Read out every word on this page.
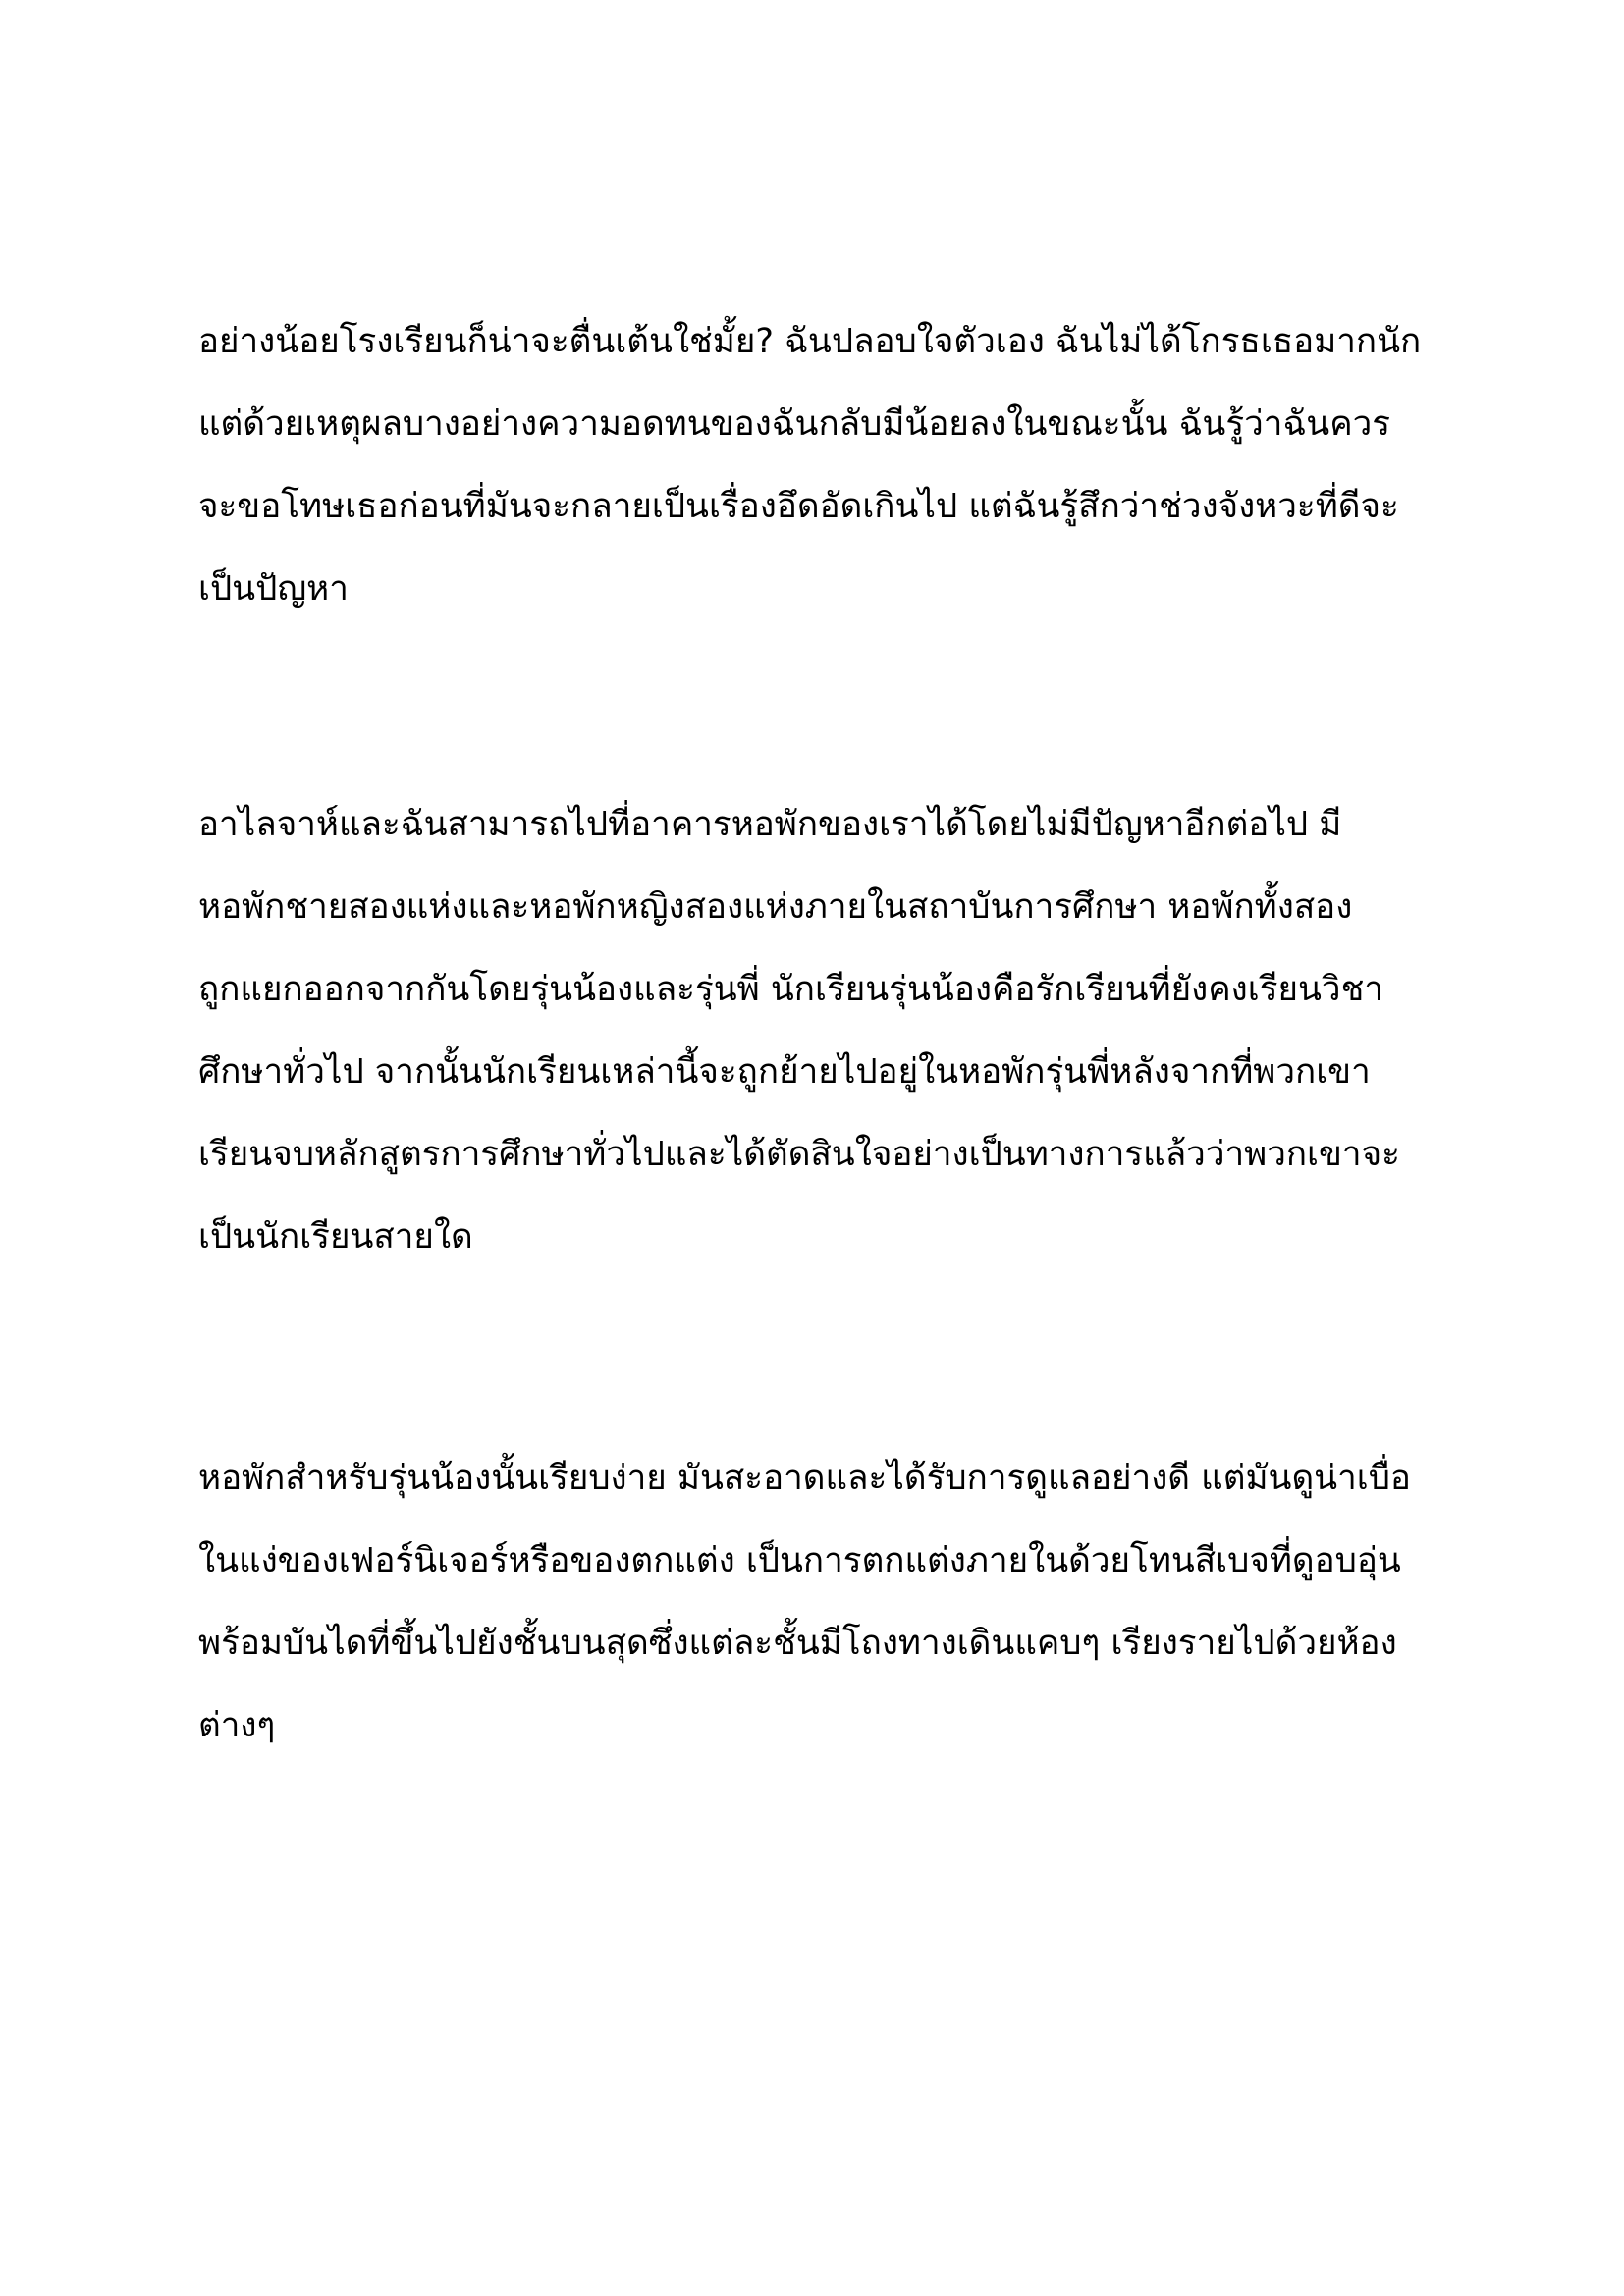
อย่างน้อยโรงเรียนก็น่าจะตื่นเต้นใช่มั้ย? ฉันปลอบใจตัวเอง ฉันไม่ได้โกรธเธอมากนัก
แต่ด้วยเหตุผลบางอย่างความอดทนของฉันกลับมีน้อยลงในขณะนั้น ฉันรู้ว่าฉันควร
จะขอโทษเธอก่อนที่มันจะกลายเป็นเรื่องอึดอัดเกินไป แต่ฉันรู้สึกว่าช่วงจังหวะที่ดีจะ
เป็นปัญหา

อาไลจาห์และฉันสามารถไปที่อาคารหอพักของเราได้โดยไม่มีปัญหาอีกต่อไป มี
หอพักชายสองแห่งและหอพักหญิงสองแห่งภายในสถาบันการศึกษา หอพักทั้งสอง
ถูกแยกออกจากกันโดยรุ่นน้องและรุ่นพี่ นักเรียนรุ่นน้องคือรักเรียนที่ยังคงเรียนวิชา
ศึกษาทั่วไป จากนั้นนักเรียนเหล่านี้จะถูกย้ายไปอยู่ในหอพักรุ่นพี่หลังจากที่พวกเขา
เรียนจบหลักสูตรการศึกษาทั่วไปและได้ตัดสินใจอย่างเป็นทางการแล้วว่าพวกเขาจะ
เป็นนักเรียนสายใด

หอพักสำหรับรุ่นน้องนั้นเรียบง่าย มันสะอาดและได้รับการดูแลอย่างดี แต่มันดูน่าเบื่อ
ในแง่ของเฟอร์นิเจอร์หรือของตกแต่ง เป็นการตกแต่งภายในด้วยโทนสีเบจที่ดูอบอุ่น
พร้อมบันไดที่ขึ้นไปยังชั้นบนสุดซึ่งแต่ละชั้นมีโถงทางเดินแคบๆ เรียงรายไปด้วยห้อง
ต่างๆ
